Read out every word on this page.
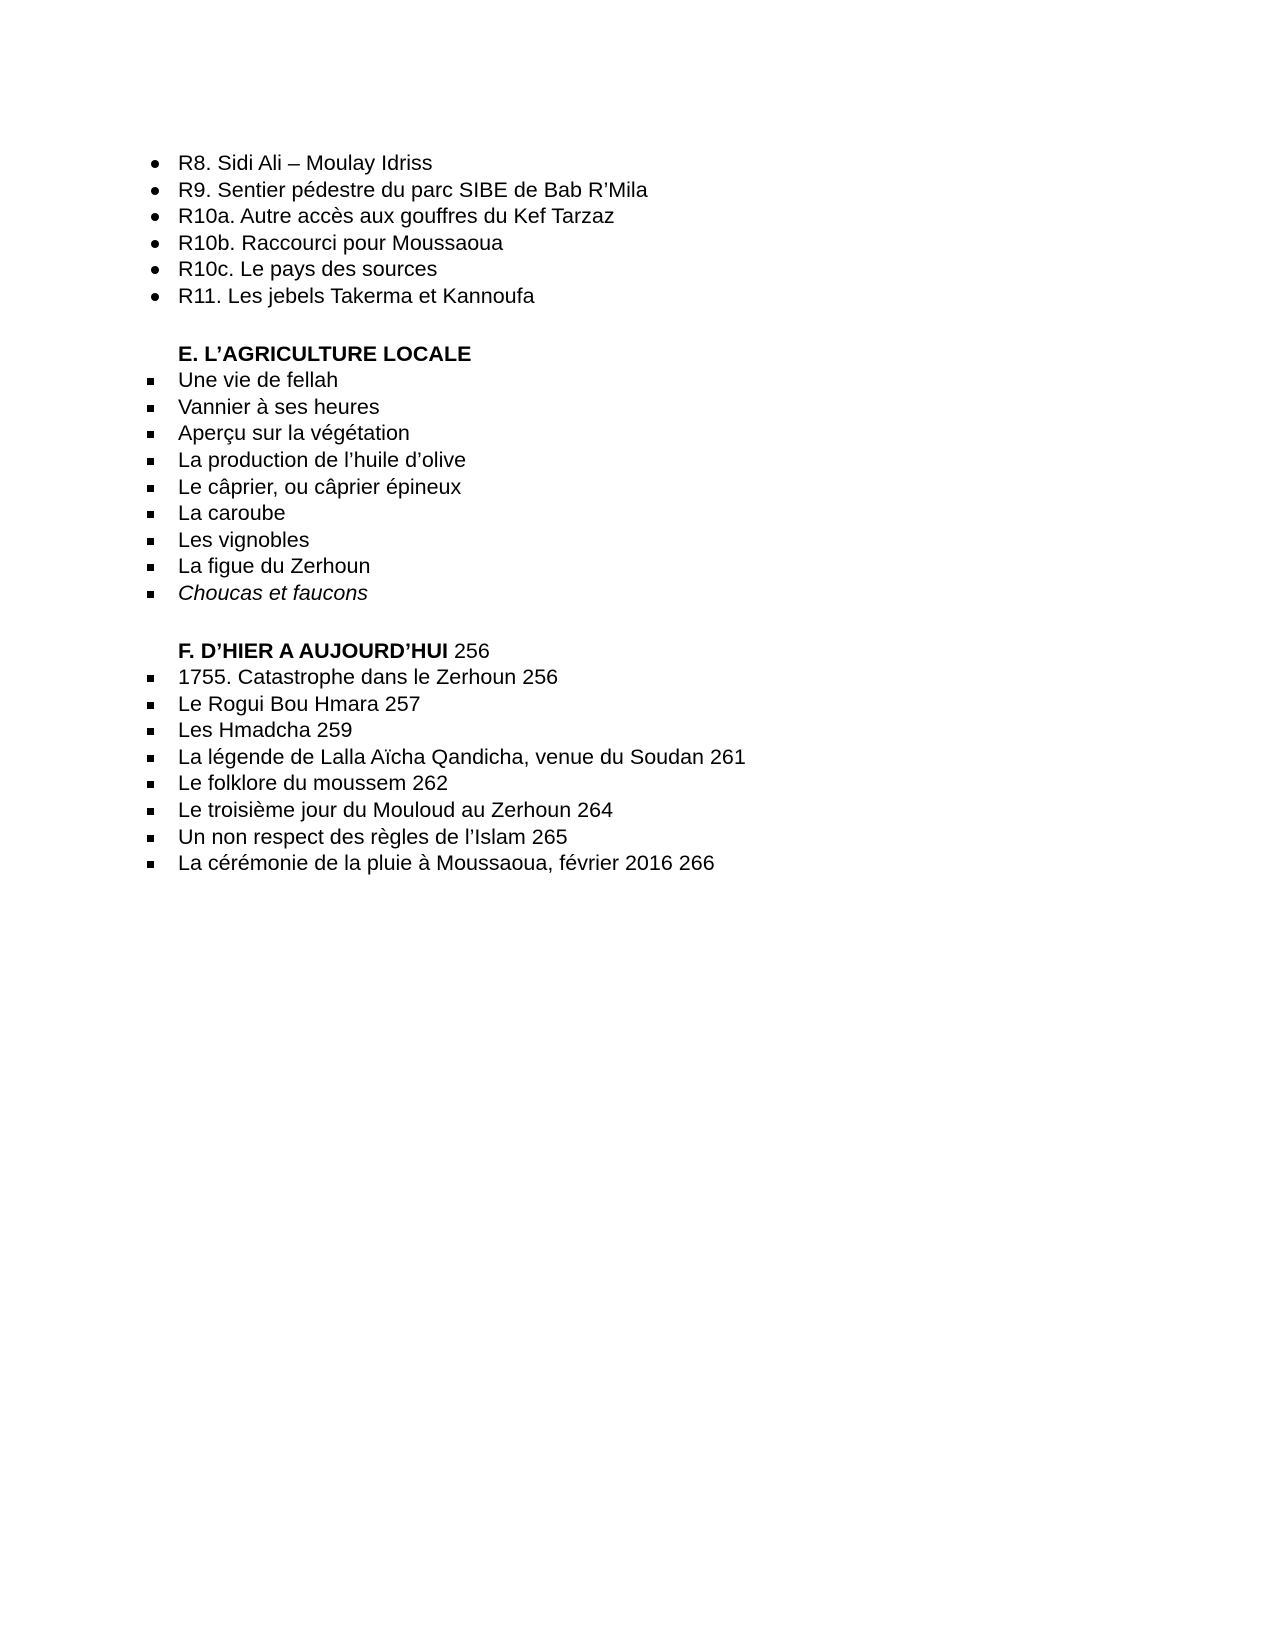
R8. Sidi Ali – Moulay Idriss
R9. Sentier pédestre du parc SIBE de Bab R’Mila
R10a. Autre accès aux gouffres du Kef Tarzaz
R10b. Raccourci pour Moussaoua
R10c. Le pays des sources
R11. Les jebels Takerma et Kannoufa
E. L’AGRICULTURE LOCALE
Une vie de fellah
Vannier à ses heures
Aperçu sur la végétation
La production de l’huile d’olive
Le câprier, ou câprier épineux
La caroube
Les vignobles
La figue du Zerhoun
Choucas et faucons
F. D’HIER A AUJOURD’HUI 256
1755. Catastrophe dans le Zerhoun 256
Le Rogui Bou Hmara 257
Les Hmadcha 259
La légende de Lalla Aïcha Qandicha, venue du Soudan 261
Le folklore du moussem 262
Le troisième jour du Mouloud au Zerhoun 264
Un non respect des règles de l’Islam 265
La cérémonie de la pluie à Moussaoua, février 2016 266
